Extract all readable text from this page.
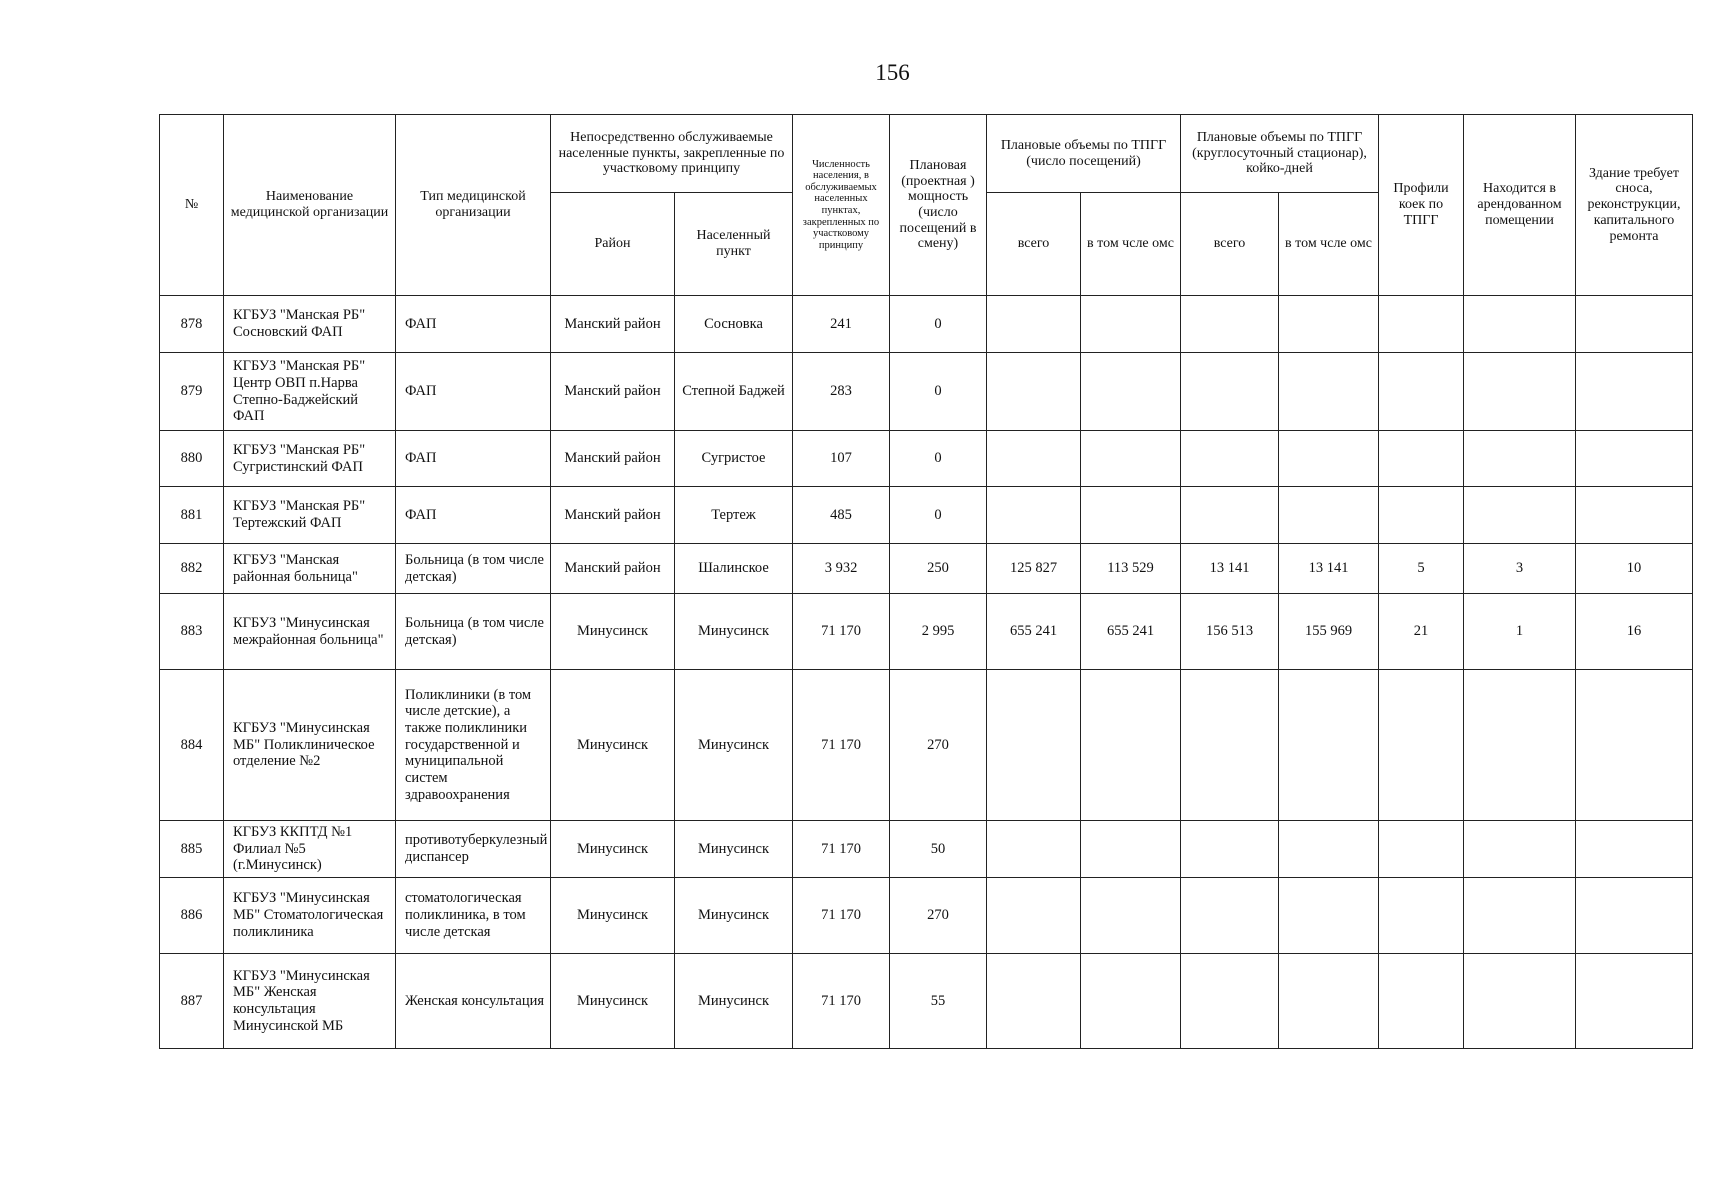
156
№	Наименование медицинской организации	Тип медицинской организации	Непосредственно обслуживаемые населенные пункты, закрепленные по участковому принципу		Численность населения, в обслуживаемых населенных пунктах, закрепленных по участковому принципу	Плановая (проектная ) мощность (число посещений в смену)	Плановые объемы по ТПГГ (число посещений)		Плановые объемы по ТПГГ (круглосуточный стационар), койко-дней		Профили коек по ТПГГ	Находится в арендованном помещении	Здание требует сноса, реконструкции, капитального ремонта
			Район	Населенный пункт			всего	в том чсле омс	всего	в том чсле омс			
878	КГБУЗ "Манская РБ" Сосновский ФАП	ФАП	Манский район	Сосновка	241	0							
879	КГБУЗ "Манская РБ" Центр ОВП п.Нарва Степно-Баджейский ФАП	ФАП	Манский район	Степной Баджей	283	0							
880	КГБУЗ "Манская РБ" Сугристинский ФАП	ФАП	Манский район	Сугристое	107	0							
881	КГБУЗ "Манская РБ" Тертежский ФАП	ФАП	Манский район	Тертеж	485	0							
882	КГБУЗ "Манская районная больница"	Больница (в том числе детская)	Манский район	Шалинское	3 932	250	125 827	113 529	13 141	13 141	5	3	10
883	КГБУЗ "Минусинская межрайонная больница"	Больница (в том числе детская)	Минусинск	Минусинск	71 170	2 995	655 241	655 241	156 513	155 969	21	1	16
884	КГБУЗ "Минусинская МБ" Поликлиническое отделение №2	Поликлиники (в том числе детские), а также поликлиники государственной и муниципальной систем здравоохранения	Минусинск	Минусинск	71 170	270							
885	КГБУЗ ККПТД №1 Филиал №5 (г.Минусинск)	противотуберкулезный диспансер	Минусинск	Минусинск	71 170	50							
886	КГБУЗ "Минусинская МБ" Стоматологическая поликлиника	стоматологическая поликлиника, в том числе детская	Минусинск	Минусинск	71 170	270							
887	КГБУЗ "Минусинская МБ" Женская консультация Минусинской МБ	Женская консультация	Минусинск	Минусинск	71 170	55							
